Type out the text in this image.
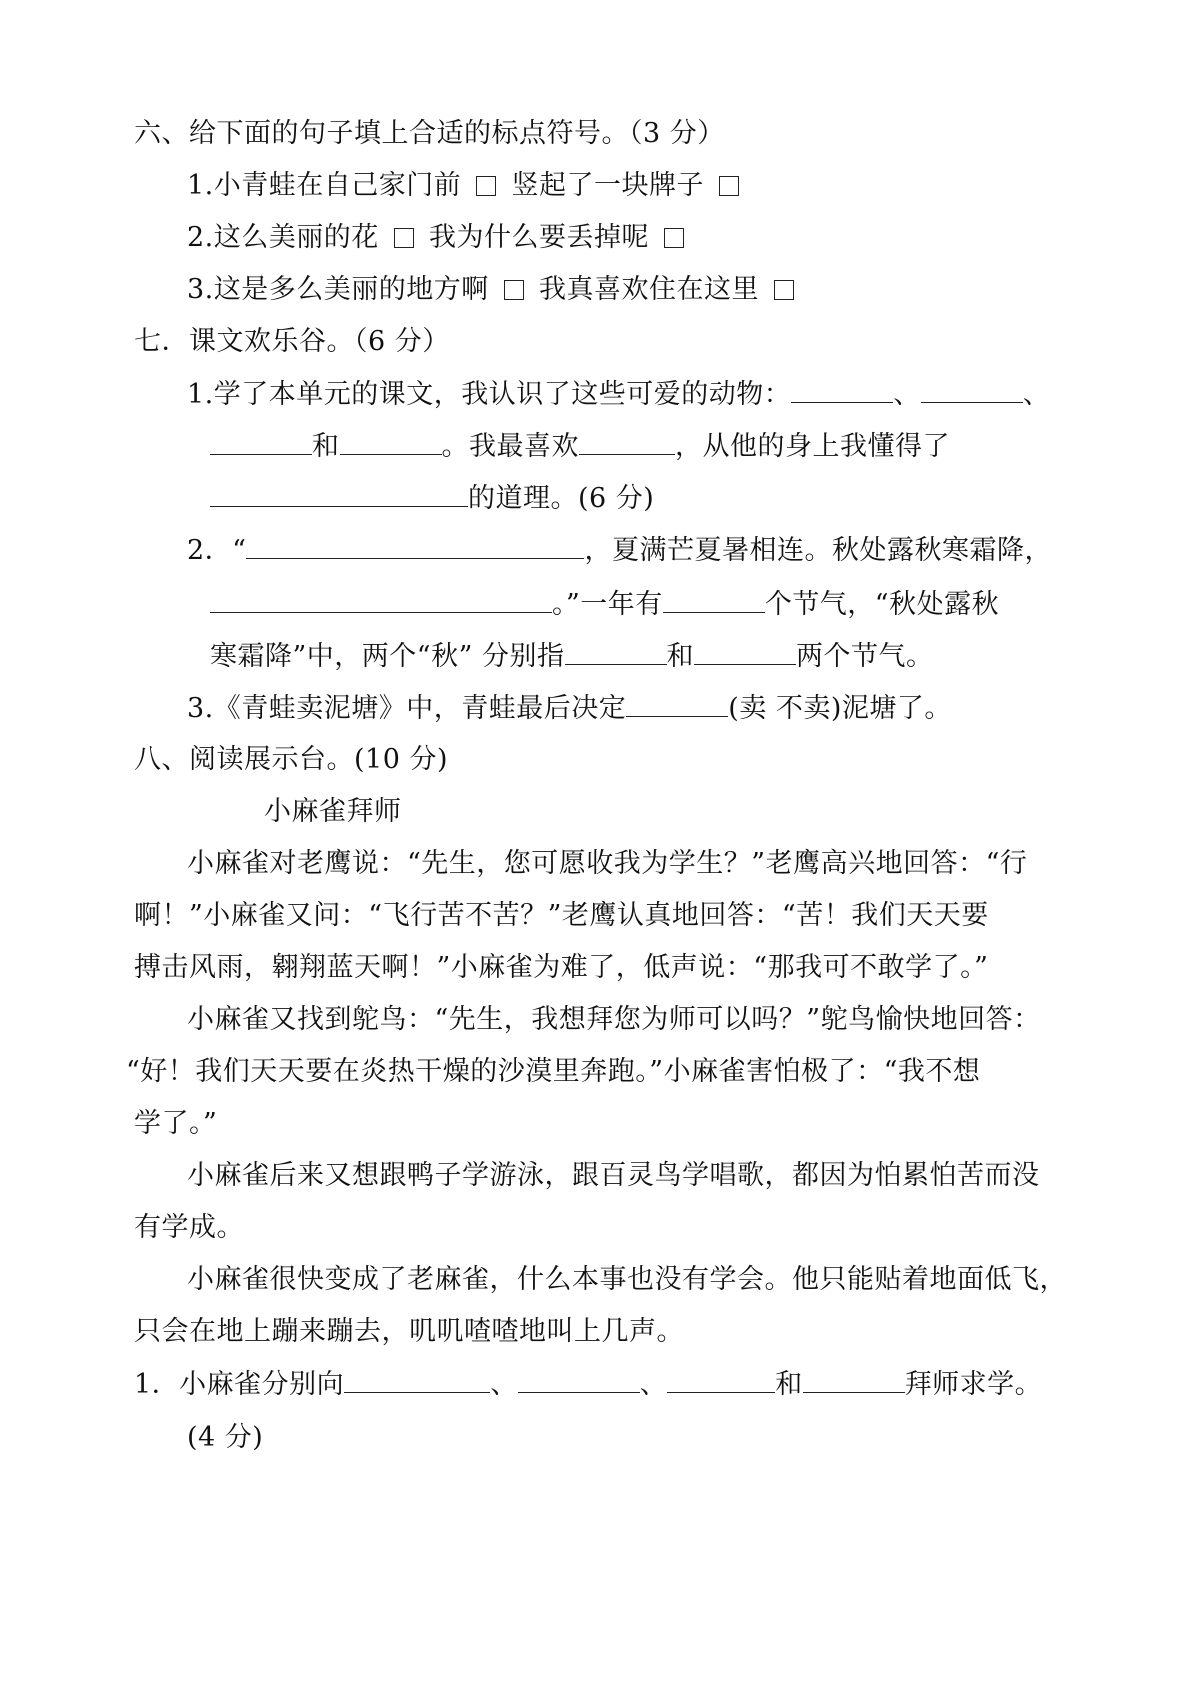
六、给下面的句子填上合适的标点符号。（3 分）
1.小青蛙在自己家门前 竖起了一块牌子
2.这么美丽的花 我为什么要丢掉呢
3.这是多么美丽的地方啊 我真喜欢住在这里
七．课文欢乐谷。（6 分）
1.学了本单元的课文，我认识了这些可爱的动物：	、	、
和	。我最喜欢	，从他的身上我懂得了
的道理。(6 分)
2．“	，夏满芒夏暑相连。秋处露秋寒霜降，
。”一年有	个节气，“秋处露秋
寒霜降”中，两个“秋” 分别指	和	两个节气。
3.《青蛙卖泥塘》中，青蛙最后决定	(卖 不卖)泥塘了。
八、阅读展示台。(10 分)
小麻雀拜师
小麻雀对老鹰说：“先生，您可愿收我为学生？”老鹰高兴地回答：“行
啊！”小麻雀又问：“飞行苦不苦？”老鹰认真地回答：“苦！我们天天要
搏击风雨，翱翔蓝天啊！”小麻雀为难了，低声说：“那我可不敢学了。”
小麻雀又找到鸵鸟：“先生，我想拜您为师可以吗？”鸵鸟愉快地回答：
“好！我们天天要在炎热干燥的沙漠里奔跑。”小麻雀害怕极了：“我不想
学了。”
小麻雀后来又想跟鸭子学游泳，跟百灵鸟学唱歌，都因为怕累怕苦而没
有学成。
小麻雀很快变成了老麻雀，什么本事也没有学会。他只能贴着地面低飞，
只会在地上蹦来蹦去，叽叽喳喳地叫上几声。
1．小麻雀分别向	、	、	和	拜师求学。
(4 分)
